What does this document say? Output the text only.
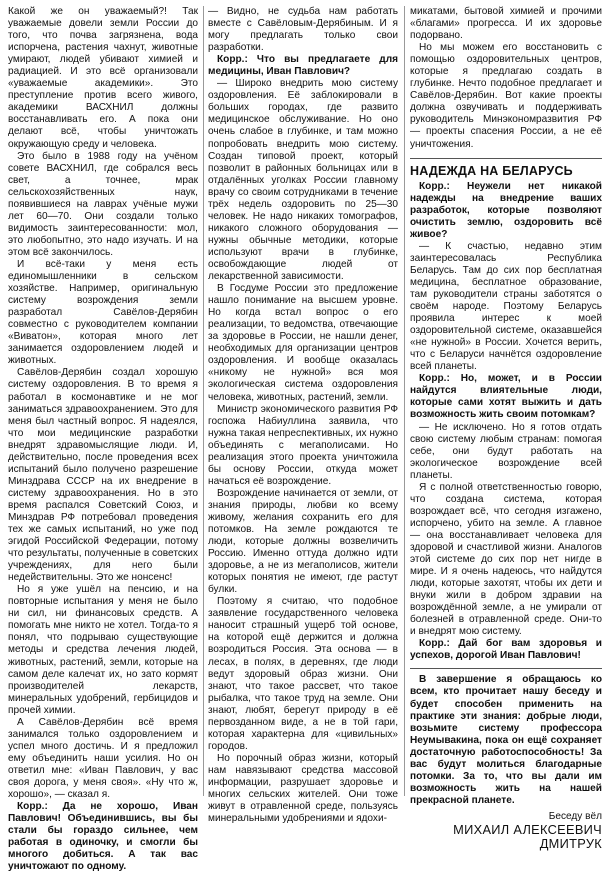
Какой же он уважаемый?! Так уважаемые довели земли России до того, что почва загрязнена, вода испорчена, растения чахнут, животные умирают, людей убивают химией и радиацией. И это всё организовали «уважаемые академики». Это преступление против всего живого, академики ВАСХНИЛ должны восстанавливать его. А пока они делают всё, чтобы уничтожать окружающую среду и человека.

Это было в 1988 году на учёном совете ВАСХНИЛ, где собрался весь свет, а точнее, мрак сельскохозяйственных наук, появившиеся на лаврах учёные мужи лет 60—70. Они создали только видимость заинтересованности: мол, это любопытно, это надо изучать. И на этом всё закончилось.

И всё-таки у меня есть единомышленники в сельском хозяйстве. Например, оригинальную систему возрождения земли разработал Савёлов-Дерябин совместно с руководителем компании «Виватон», которая много лет занимается оздоровлением людей и животных.

Савёлов-Дерябин создал хорошую систему оздоровления. В то время я работал в космонавтике и не мог заниматься здравоохранением. Это для меня был частный вопрос. Я надеялся, что мои медицинские разработки внедрят здравомыслящие люди. И, действительно, после проведения всех испытаний было получено разрешение Минздрава СССР на их внедрение в систему здравоохранения. Но в это время распался Советский Союз, и Минздрав РФ потребовал проведения тех же самых испытаний, но уже под эгидой Российской Федерации, потому что результаты, полученные в советских учреждениях, для него были недействительны. Это же нонсенс!

Но я уже ушёл на пенсию, и на повторные испытания у меня не было ни сил, ни финансовых средств. А помогать мне никто не хотел. Тогда-то я понял, что подрываю существующие методы и средства лечения людей, животных, растений, земли, которые на самом деле калечат их, но зато кормят производителей лекарств, минеральных удобрений, гербицидов и прочей химии.

А Савёлов-Дерябин всё время занимался только оздоровлением и успел много достичь. И я предложил ему объединить наши усилия. Но он ответил мне: «Иван Павлович, у вас своя дорога, у меня своя». «Ну что ж, хорошо», — сказал я.

Корр.: Да не хорошо, Иван Павлович! Объединившись, вы бы стали бы гораздо сильнее, чем работая в одиночку, и смогли бы многого добиться. А так вас уничтожают по одному.

— Видно, не судьба нам работать вместе с Савёловым-Дерябиным. И я могу предлагать только свои разработки.

Корр.: Что вы предлагаете для медицины, Иван Павлович?

— Широко внедрить мою систему оздоровления. Её заблокировали в больших городах, где развито медицинское обслуживание. Но оно очень слабое в глубинке, и там можно попробовать внедрить мою систему. Создан типовой проект, который позволит в районных больницах или в отдалённых уголках России главному врачу со своим сотрудниками в течение трёх недель оздоровить по 25—30 человек. Не надо никаких томографов, никакого сложного оборудования — нужны обычные методики, которые используют врачи в глубинке, освобождающие людей от лекарственной зависимости.

В Госдуме России это предложение нашло понимание на высшем уровне. Но когда встал вопрос о его реализации, то ведомства, отвечающие за здоровье в России, не нашли денег, необходимых для организации центров оздоровления. И вообще оказалась «никому не нужной» вся моя экологическая система оздоровления человека, животных, растений, земли.

Министр экономического развития РФ госпожа Набиуллина заявила, что нужна такая непреспективных, их нужно объединять с мегаполисами. Но реализация этого проекта уничтожила бы основу России, откуда может начаться её возрождение.

Возрождение начинается от земли, от знания природы, любви ко всему живому, желания сохранить его для потомков. На земле рождаются те люди, которые должны возвеличить Россию. Именно оттуда должно идти здоровье, а не из мегаполисов, жители которых понятия не имеют, где растут булки.

Поэтому я считаю, что подобное заявление государственного человека наносит страшный ущерб той основе, на которой ещё держится и должна возродиться Россия. Эта основа — в лесах, в полях, в деревнях, где люди ведут здоровый образ жизни. Они знают, что такое рассвет, что такое рыбалка, что такое труд на земле. Они знают, любят, берегут природу в её первозданном виде, а не в той гари, которая характерна для «цивильных» городов.

Но порочный образ жизни, который нам навязывают средства массовой информации, разрушает здоровье и многих сельских жителей. Они тоже живут в отравленной среде, пользуясь минеральными удобрениями и ядохи-

микатами, бытовой химией и прочими «благами» прогресса. И их здоровье подорвано.

Но мы можем его восстановить с помощью оздоровительных центров, которые я предлагаю создать в глубинке. Нечто подобное предлагает и Савёлов-Дерябин. Вот какие проекты должна озвучивать и поддерживать руководитель Минэкономразвития РФ — проекты спасения России, а не её уничтожения.

НАДЕЖДА НА БЕЛАРУСЬ

Корр.: Неужели нет никакой надежды на внедрение ваших разработок, которые позволяют очистить землю, оздоровить всё живое?

— К счастью, недавно этим заинтересовалась Республика Беларусь. Там до сих пор бесплатная медицина, бесплатное образование, там руководители страны заботятся о своём народе. Поэтому Беларусь проявила интерес к моей оздоровительной системе, оказавшейся «не нужной» в России. Хочется верить, что с Беларуси начнётся оздоровление всей планеты.

Корр.: Но, может, и в России найдутся влиятельные люди, которые сами хотят выжить и дать возможность жить своим потомкам?

— Не исключено. Но я готов отдать свою систему любым странам: помогая себе, они будут работать на экологическое возрождение всей планеты.

Я с полной ответственностью говорю, что создана система, которая возрождает всё, что сегодня изгажено, испорчено, убито на земле. А главное — она восстанавливает человека для здоровой и счастливой жизни. Аналогов этой системе до сих пор нет нигде в мире. И я очень надеюсь, что найдутся люди, которые захотят, чтобы их дети и внуки жили в добром здравии на возрождённой земле, а не умирали от болезней в отравленной среде. Они-то и внедрят мою систему.

Корр.: Дай бог вам здоровья и успехов, дорогой Иван Павлович!

В завершение я обращаюсь ко всем, кто прочитает нашу беседу и будет способен применить на практике эти знания: добрые люди, возьмите систему профессора Неумывакина, пока он ещё сохраняет достаточную работоспособность! За вас будут молиться благодарные потомки. За то, что вы дали им возможность жить на нашей прекрасной планете.

Беседу вёл
МИХАИЛ АЛЕКСЕЕВИЧ
ДМИТРУК
